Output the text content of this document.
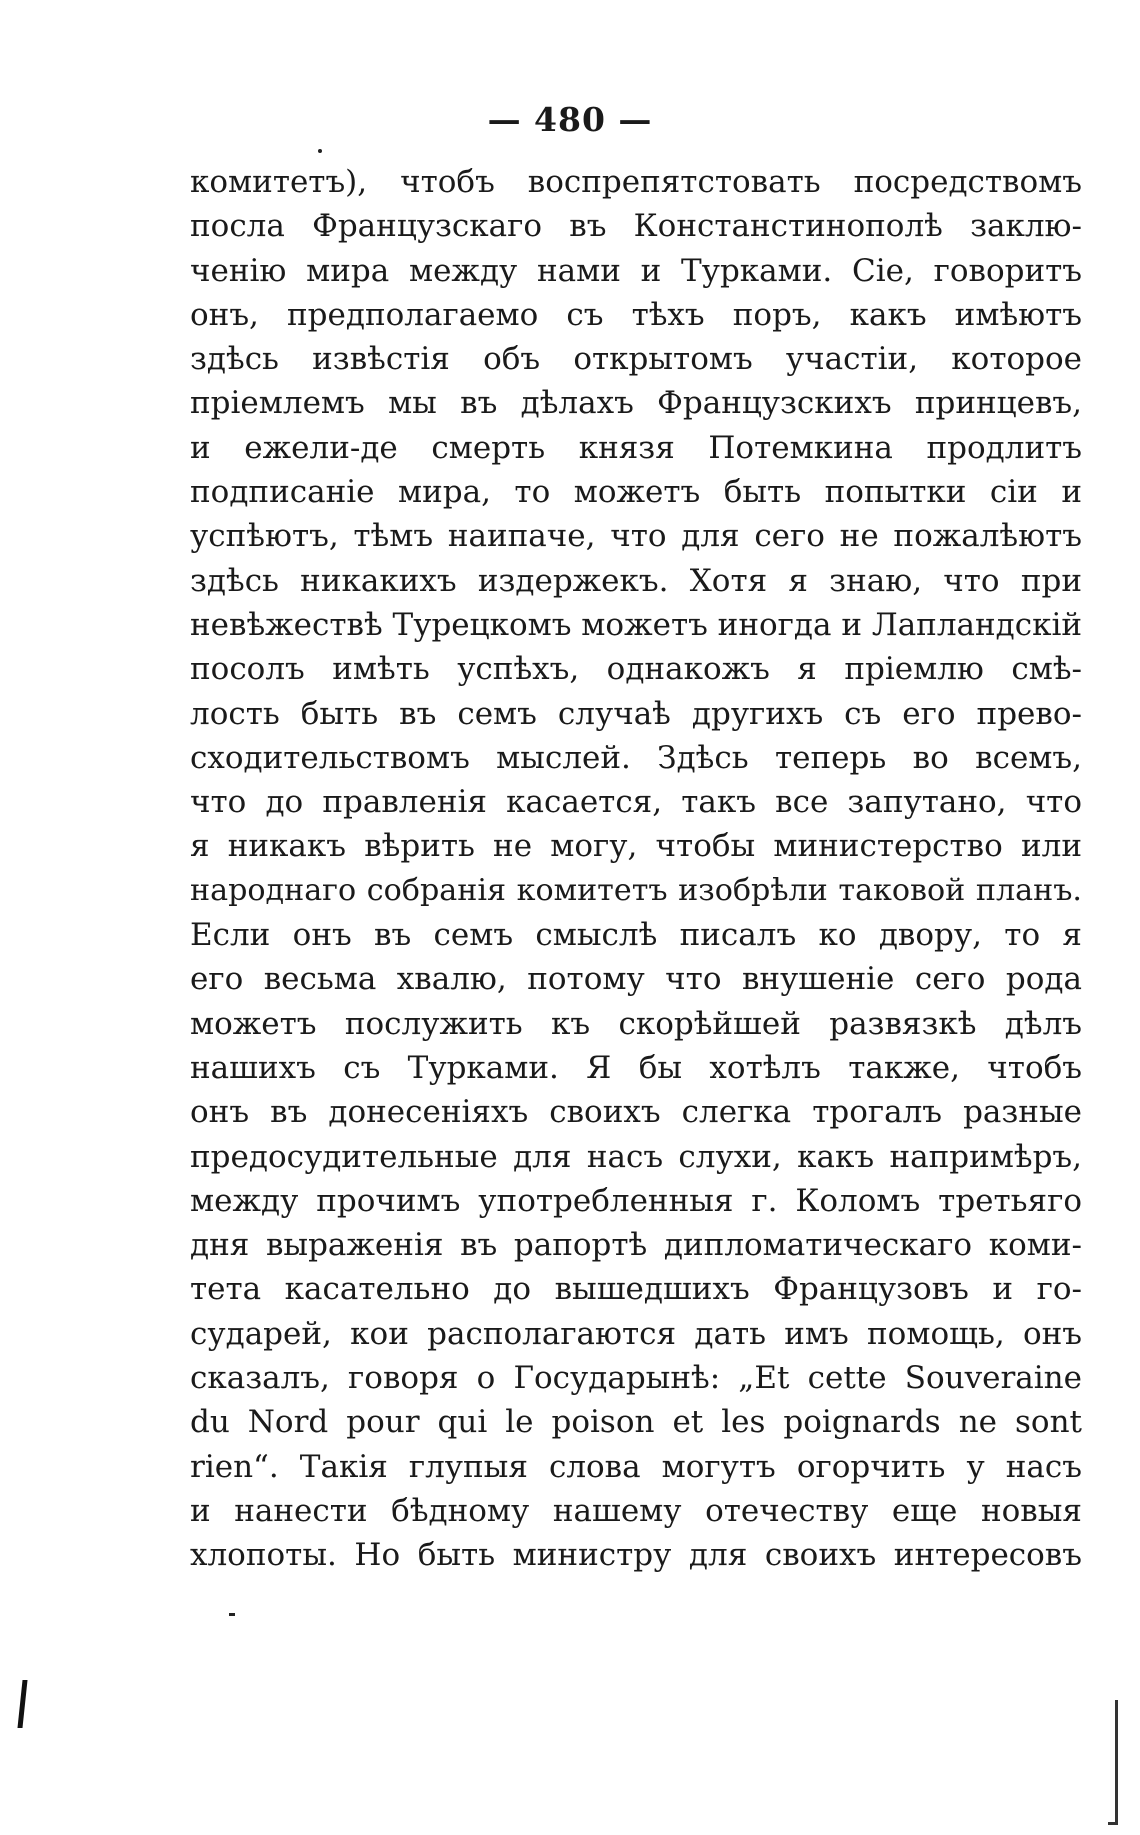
— 480 —
комитетъ), чтобъ воспрепятстовать посредствомъ
посла Французскаго въ Констанстинополѣ заклю-
ченію мира между нами и Турками. Сіе, говоритъ
онъ, предполагаемо съ тѣхъ поръ, какъ имѣютъ
здѣсь извѣстія объ открытомъ участіи, которое
пріемлемъ мы въ дѣлахъ Французскихъ принцевъ,
и ежели-де смерть князя Потемкина продлитъ
подписаніе мира, то можетъ быть попытки сіи и
успѣютъ, тѣмъ наипаче, что для сего не пожалѣютъ
здѣсь никакихъ издержекъ. Хотя я знаю, что при
невѣжествѣ Турецкомъ можетъ иногда и Лапландскій
посолъ имѣть успѣхъ, однакожъ я пріемлю смѣ-
лость быть въ семъ случаѣ другихъ съ его прево-
сходительствомъ мыслей. Здѣсь теперь во всемъ,
что до правленія касается, такъ все запутано, что
я никакъ вѣрить не могу, чтобы министерство или
народнаго собранія комитетъ изобрѣли таковой планъ.
Если онъ въ семъ смыслѣ писалъ ко двору, то я
его весьма хвалю, потому что внушеніе сего рода
можетъ послужить къ скорѣйшей развязкѣ дѣлъ
нашихъ съ Турками. Я бы хотѣлъ также, чтобъ
онъ въ донесеніяхъ своихъ слегка трогалъ разные
предосудительные для насъ слухи, какъ напримѣръ,
между прочимъ употребленныя г. Коломъ третьяго
дня выраженія въ рапортѣ дипломатическаго коми-
тета касательно до вышедшихъ Французовъ и го-
сударей, кои располагаются дать имъ помощь, онъ
сказалъ, говоря о Государынѣ: „Et cette Souveraine
du Nord pour qui le poison et les poignards ne sont
rien“. Такія глупыя слова могутъ огорчить у насъ
и нанести бѣдному нашему отечеству еще новыя
хлопоты. Но быть министру для своихъ интересовъ
